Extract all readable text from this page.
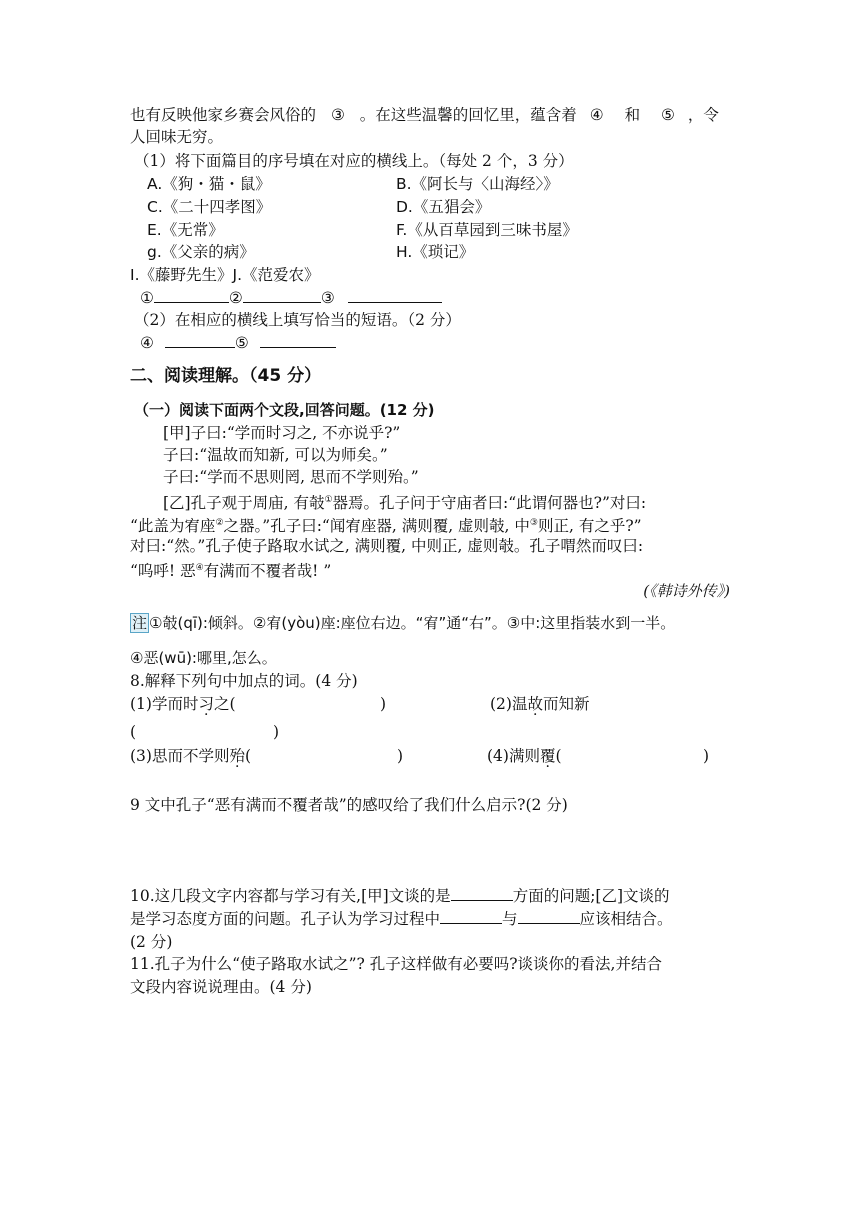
也有反映他家乡赛会风俗的 ③ 。在这些温馨的回忆里，蕴含着 ④ 和 ⑤ ，令
人回味无穷。
（1）将下面篇目的序号填在对应的横线上。（每处 2 个，3 分）
A.《狗・猫・鼠》	B.《阿长与〈山海经〉》
C.《二十四孝图》	D.《五猖会》
E.《无常》	F.《从百草园到三味书屋》
g.《父亲的病》	H.《琐记》
I.《藤野先生》J.《范爱农》
①	②	③
（2）在相应的横线上填写恰当的短语。（2 分）
④	⑤
二、阅读理解。（45 分）
（一）阅读下面两个文段,回答问题。(12 分)
[甲]子曰:“学而时习之, 不亦说乎?”
子曰:“温故而知新, 可以为师矣。”
子曰:“学而不思则罔, 思而不学则殆。”
[乙]孔子观于周庙, 有攲①器焉。孔子问于守庙者曰:“此谓何器也?”对曰:
“此盖为宥座②之器。”孔子曰:“闻宥座器, 满则覆, 虚则攲, 中③则正, 有之乎?”
对曰:“然。”孔子使子路取水试之, 满则覆, 中则正, 虚则攲。孔子喟然而叹曰:
“呜呼! 恶④有满而不覆者哉! ”
(《韩诗外传》)
注 ①攲(qī):倾斜。②宥(yòu)座:座位右边。“宥”通“右”。③中:这里指装水到一半。
④恶(wū):哪里,怎么。
8.解释下列句中加点的词。(4 分)
(1)学而时习之(	)	(2)温故而知新
(	)
(3)思而不学则殆(	)	(4)满则覆(	)
9 文中孔子“恶有满而不覆者哉”的感叹给了我们什么启示?(2 分)
10.这几段文字内容都与学习有关,[甲]文谈的是	方面的问题;[乙]文谈的
是学习态度方面的问题。孔子认为学习过程中	与	应该相结合。
(2 分)
11.孔子为什么“使子路取水试之”? 孔子这样做有必要吗?谈谈你的看法,并结合
文段内容说说理由。(4 分)
